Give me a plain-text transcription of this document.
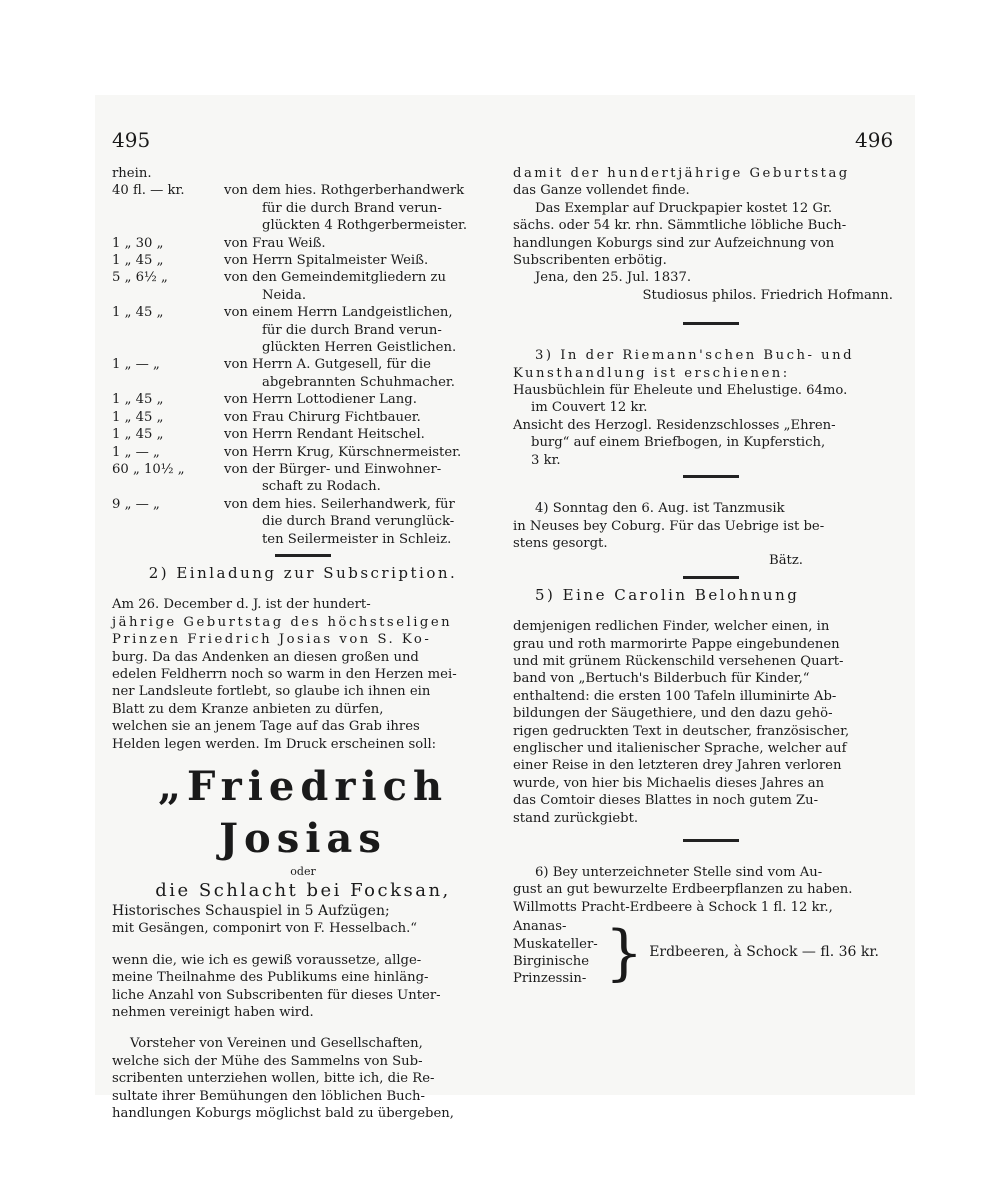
495	496
rhein.
40 fl. — kr.	von dem hies. Rothgerberhandwerk
für die durch Brand verun-
glückten 4 Rothgerbermeister.
1 „ 30 „	von Frau Weiß.
1 „ 45 „	von Herrn Spitalmeister Weiß.
5 „ 6½ „	von den Gemeindemitgliedern zu
Neida.
1 „ 45 „	von einem Herrn Landgeistlichen,
für die durch Brand verun-
glückten Herren Geistlichen.
1 „ — „	von Herrn A. Gutgesell, für die
abgebrannten Schuhmacher.
1 „ 45 „	von Herrn Lottodiener Lang.
1 „ 45 „	von Frau Chirurg Fichtbauer.
1 „ 45 „	von Herrn Rendant Heitschel.
1 „ — „	von Herrn Krug, Kürschnermeister.
60 „ 10½ „	von der Bürger- und Einwohner-
schaft zu Rodach.
9 „ — „	von dem hies. Seilerhandwerk, für
die durch Brand verunglück-
ten Seilermeister in Schleiz.
2) Einladung zur Subscription.
Am 26. December d. J. ist der hundert-
jährige Geburtstag des höchstseligen
Prinzen Friedrich Josias von S. Ko-
burg. Da das Andenken an diesen großen und
edelen Feldherrn noch so warm in den Herzen mei-
ner Landsleute fortlebt, so glaube ich ihnen ein
Blatt zu dem Kranze anbieten zu dürfen,
welchen sie an jenem Tage auf das Grab ihres
Helden legen werden. Im Druck erscheinen soll:
„Friedrich Josias
oder
die Schlacht bei Focksan,
Historisches Schauspiel in 5 Aufzügen;
mit Gesängen, componirt von F. Hesselbach.“
wenn die, wie ich es gewiß voraussetze, allge-
meine Theilnahme des Publikums eine hinläng-
liche Anzahl von Subscribenten für dieses Unter-
nehmen vereinigt haben wird.
Vorsteher von Vereinen und Gesellschaften,
welche sich der Mühe des Sammelns von Sub-
scribenten unterziehen wollen, bitte ich, die Re-
sultate ihrer Bemühungen den löblichen Buch-
handlungen Koburgs möglichst bald zu übergeben,
damit der hundertjährige Geburtstag
das Ganze vollendet finde.
Das Exemplar auf Druckpapier kostet 12 Gr.
sächs. oder 54 kr. rhn. Sämmtliche löbliche Buch-
handlungen Koburgs sind zur Aufzeichnung von
Subscribenten erbötig.
Jena, den 25. Jul. 1837.
Studiosus philos. Friedrich Hofmann.
3) In der Riemann'schen Buch- und
Kunsthandlung ist erschienen:
Hausbüchlein für Eheleute und Ehelustige. 64mo.
im Couvert 12 kr.
Ansicht des Herzogl. Residenzschlosses „Ehren-
burg“ auf einem Briefbogen, in Kupferstich,
3 kr.
4) Sonntag den 6. Aug. ist Tanzmusik
in Neuses bey Coburg. Für das Uebrige ist be-
stens gesorgt.
Bätz.
5) Eine Carolin Belohnung
demjenigen redlichen Finder, welcher einen, in
grau und roth marmorirte Pappe eingebundenen
und mit grünem Rückenschild versehenen Quart-
band von „Bertuch's Bilderbuch für Kinder,“
enthaltend: die ersten 100 Tafeln illuminirte Ab-
bildungen der Säugethiere, und den dazu gehö-
rigen gedruckten Text in deutscher, französischer,
englischer und italienischer Sprache, welcher auf
einer Reise in den letzteren drey Jahren verloren
wurde, von hier bis Michaelis dieses Jahres an
das Comtoir dieses Blattes in noch gutem Zu-
stand zurückgiebt.
6) Bey unterzeichneter Stelle sind vom Au-
gust an gut bewurzelte Erdbeerpflanzen zu haben.
Willmotts Pracht-Erdbeere à Schock 1 fl. 12 kr.,
Ananas-
Muskateller-
Birginische
Prinzessin- } Erdbeeren, à Schock — fl. 36 kr.
